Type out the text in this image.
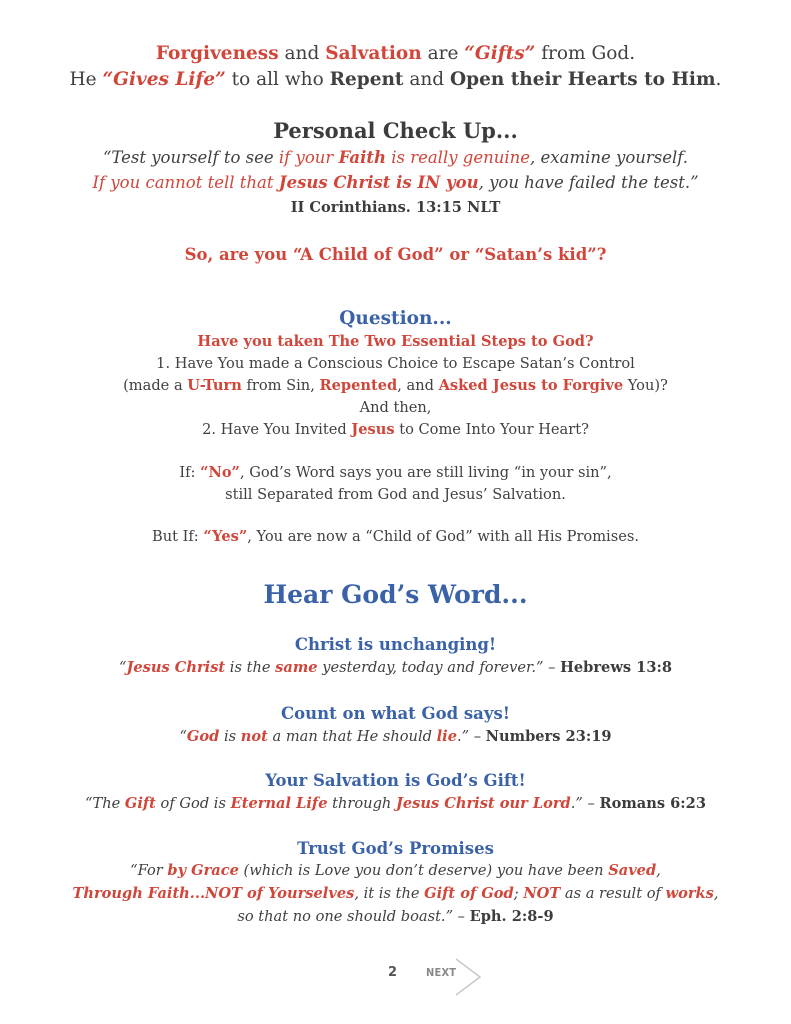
Forgiveness and Salvation are “Gifts” from God.
He “Gives Life” to all who Repent and Open their Hearts to Him.
Personal Check Up...
“Test yourself to see if your Faith is really genuine, examine yourself.
If you cannot tell that Jesus Christ is IN you, you have failed the test.”
II Corinthians. 13:15 NLT
So, are you “A Child of God” or “Satan’s kid”?
Question...
Have you taken The Two Essential Steps to God?
1. Have You made a Conscious Choice to Escape Satan’s Control
(made a U-Turn from Sin, Repented, and Asked Jesus to Forgive You)?
And then,
2. Have You Invited Jesus to Come Into Your Heart?
If: “No”, God’s Word says you are still living “in your sin”,
still Separated from God and Jesus’ Salvation.
But If: “Yes”, You are now a “Child of God” with all His Promises.
Hear God’s Word...
Christ is unchanging!
“Jesus Christ is the same yesterday, today and forever.” – Hebrews 13:8
Count on what God says!
“God is not a man that He should lie.” – Numbers 23:19
Your Salvation is God’s Gift!
“The Gift of God is Eternal Life through Jesus Christ our Lord.” – Romans 6:23
Trust God’s Promises
“For by Grace (which is Love you don’t deserve) you have been Saved,
Through Faith...NOT of Yourselves, it is the Gift of God; NOT as a result of works,
so that no one should boast.” – Eph. 2:8-9
2	NEXT
